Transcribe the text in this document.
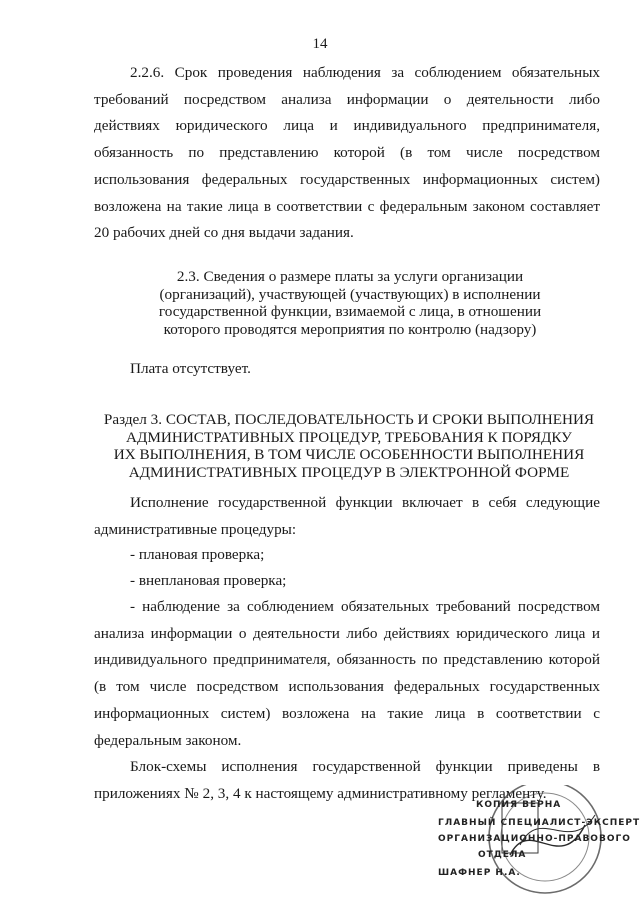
14

2.2.6. Срок проведения наблюдения за соблюдением обязательных требований посредством анализа информации о деятельности либо действиях юридического лица и индивидуального предпринимателя, обязанность по представлению которой (в том числе посредством использования федеральных государственных информационных систем) возложена на такие лица в соответствии с федеральным законом составляет 20 рабочих дней со дня выдачи задания.

2.3. Сведения о размере платы за услуги организации
(организаций), участвующей (участвующих) в исполнении
государственной функции, взимаемой с лица, в отношении
которого проводятся мероприятия по контролю (надзору)
Плата отсутствует.
Раздел 3. СОСТАВ, ПОСЛЕДОВАТЕЛЬНОСТЬ И СРОКИ ВЫПОЛНЕНИЯ
АДМИНИСТРАТИВНЫХ ПРОЦЕДУР, ТРЕБОВАНИЯ К ПОРЯДКУ
ИХ ВЫПОЛНЕНИЯ, В ТОМ ЧИСЛЕ ОСОБЕННОСТИ ВЫПОЛНЕНИЯ
АДМИНИСТРАТИВНЫХ ПРОЦЕДУР В ЭЛЕКТРОННОЙ ФОРМЕ

Исполнение государственной функции включает в себя следующие административные процедуры:

- плановая проверка;
- внеплановая проверка;

- наблюдение за соблюдением обязательных требований посредством анализа информации о деятельности либо действиях юридического лица и индивидуального предпринимателя, обязанность по представлению которой (в том числе посредством использования федеральных государственных информационных систем) возложена на такие лица в соответствии с федеральным законом.

Блок-схемы исполнения государственной функции приведены в приложениях № 2, 3, 4 к настоящему административному регламенту.

КОПИЯ ВЕРНА
ГЛАВНЫЙ СПЕЦИАЛИСТ-ЭКСПЕРТ
ОРГАНИЗАЦИОННО-ПРАВОВОГО
ОТДЕЛА
ШАФНЕР Н.А.
